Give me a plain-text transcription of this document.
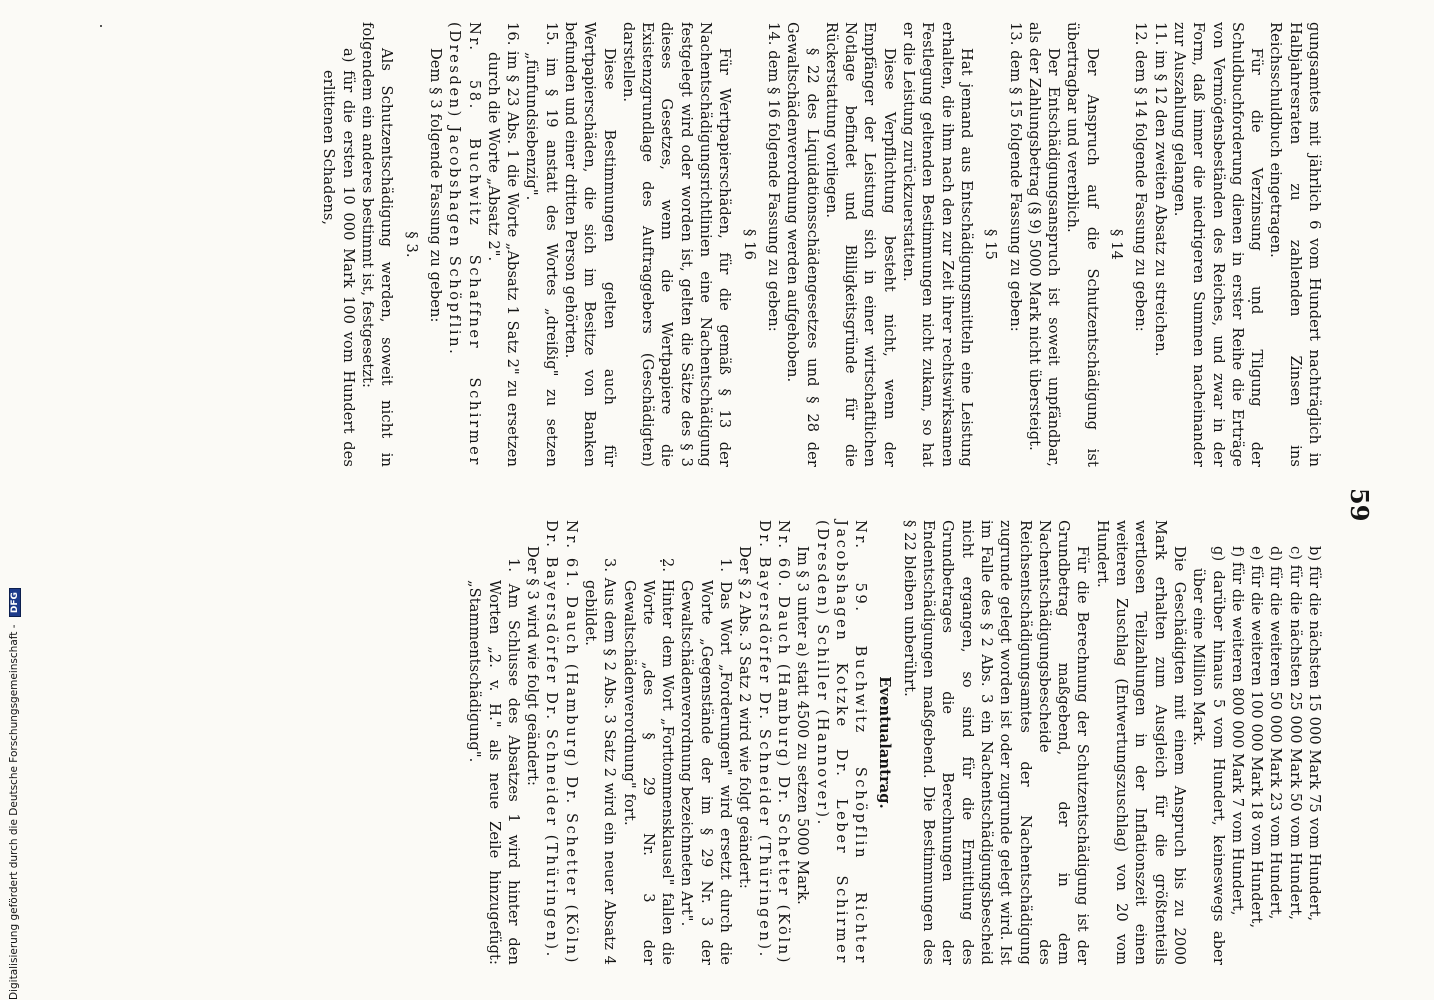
59

gungsamtes mit jährlich 6 vom Hundert nachträglich in Halbjahresraten zu zahlenden Zinsen ins Reichsschuldbuch eingetragen.

Für die Verzinsung und Tilgung der Schuldbuchforderung dienen in erster Reihe die Erträge von Vermögensbeständen des Reiches, und zwar in der Form, daß immer die niedrigeren Summen nacheinander zur Auszahlung gelangen.

11. im § 12 den zweiten Absatz zu streichen.

12. dem § 14 folgende Fassung zu geben:

§ 14

Der Anspruch auf die Schutzentschädigung ist übertragbar und vererblich.

Der Entschädigungsanspruch ist soweit unpfändbar, als der Zahlungsbetrag (§ 9) 5000 Mark nicht übersteigt.

13. dem § 15 folgende Fassung zu geben:

§ 15

Hat jemand aus Entschädigungsmitteln eine Leistung erhalten, die ihm nach den zur Zeit ihrer rechtswirksamen Festlegung geltenden Bestimmungen nicht zukam, so hat er die Leistung zurückzuerstatten.

Diese Verpflichtung besteht nicht, wenn der Empfänger der Leistung sich in einer wirtschaftlichen Notlage befindet und Billigkeitsgründe für die Rückerstattung vorliegen.

§ 22 des Liquidationsschädengesetzes und § 28 der Gewaltschädenverordnung werden aufgehoben.

14. dem § 16 folgende Fassung zu geben:

§ 16

Für Wertpapierschäden, für die gemäß § 13 der Nachentschädigungsrichtlinien eine Nachentschädigung festgelegt wird oder worden ist, gelten die Sätze des § 3 dieses Gesetzes, wenn die Wertpapiere die Existenzgrundlage des Auftraggebers (Geschädigten) darstellen.

Diese Bestimmungen gelten auch für Wertpapierschäden, die sich im Besitze von Banken befunden und einer dritten Person gehörten.

15. im § 19 anstatt des Wortes „dreißig" zu setzen „fünfundsiebenzig".

16. im § 23 Abs. 1 die Worte „Absatz 1 Satz 2" zu ersetzen durch die Worte „Absatz 2".

Nr. 58. Buchwitz Schaffner Schirmer (Dresden) Jacobshagen Schöpflin.

Dem § 3 folgende Fassung zu geben:

§ 3.

Als Schutzentschädigung werden, soweit nicht in folgendem ein anderes bestimmt ist, festgesetzt:

a) für die ersten 10 000 Mark 100 vom Hundert des erlittenen Schadens,

b) für die nächsten 15 000 Mark 75 vom Hundert,

c) für die nächsten 25 000 Mark 50 vom Hundert,

d) für die weiteren 50 000 Mark 23 vom Hundert,

e) für die weiteren 100 000 Mark 18 vom Hundert,

f) für die weiteren 800 000 Mark 7 vom Hundert,

g) darüber hinaus 5 vom Hundert, keineswegs aber über eine Million Mark.

Die Geschädigten mit einem Anspruch bis zu 2000 Mark erhalten zum Ausgleich für die größtenteils wertlosen Teilzahlungen in der Inflationszeit einen weiteren Zuschlag (Entwertungszuschlag) von 20 vom Hundert.

Für die Berechnung der Schutzentschädigung ist der Grundbetrag maßgebend, der in dem Nachentschädigungsbescheide des Reichsentschädigungsamtes der Nachentschädigung zugrunde gelegt worden ist oder zugrunde gelegt wird. Ist im Falle des § 2 Abs. 3 ein Nachentschädigungsbescheid nicht ergangen, so sind für die Ermittlung des Grundbetrages die Berechnungen der Endentschädigungen maßgebend. Die Bestimmungen des § 22 bleiben unberührt.

Eventualantrag.

Nr. 59. Buchwitz Schöpflin Richter Jacobshagen Kotzke Dr. Leber Schirmer (Dresden) Schiller (Hannover).

Im § 3 unter a) statt 4500 zu setzen 5000 Mark.

Nr. 60. Dauch (Hamburg) Dr. Schetter (Köln) Dr. Bayersdörfer Dr. Schneider (Thüringen).

Der § 2 Abs. 3 Satz 2 wird wie folgt geändert:

1. Das Wort „Forderungen" wird ersetzt durch die Worte „Gegenstände der im § 29 Nr. 3 der Gewaltschädenverordnung bezeichneten Art".

2. Hinter dem Wort „Forttommensklausel" fallen die Worte „des § 29 Nr. 3 der Gewaltschädenverordnung" fort.

3. Aus dem § 2 Abs. 3 Satz 2 wird ein neuer Absatz 4 gebildet.

Nr. 61. Dauch (Hamburg) Dr. Schetter (Köln) Dr. Bayersdörfer Dr. Schneider (Thüringen).

Der § 3 wird wie folgt geändert:

1. Am Schlusse des Absatzes 1 wird hinter den Worten „2. v. H." als neue Zeile hinzugefügt: „Stammentschädigung".

Digitalisierung gefördert durch die Deutsche Forschungsgemeinschaft - DFG
